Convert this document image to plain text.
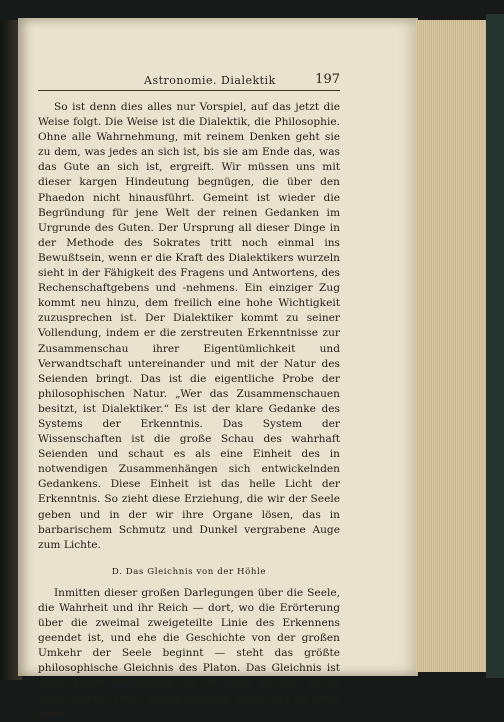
Astronomie. Dialektik	197

So ist denn dies alles nur Vorspiel, auf das jetzt die Weise folgt. Die Weise ist die Dialektik, die Philosophie. Ohne alle Wahrnehmung, mit reinem Denken geht sie zu dem, was jedes an sich ist, bis sie am Ende das, was das Gute an sich ist, ergreift. Wir müssen uns mit dieser kargen Hindeutung begnügen, die über den Phaedon nicht hinausführt. Gemeint ist wieder die Begründung für jene Welt der reinen Gedanken im Urgrunde des Guten. Der Ursprung all dieser Dinge in der Methode des Sokrates tritt noch einmal ins Bewußtsein, wenn er die Kraft des Dialektikers wurzeln sieht in der Fähigkeit des Fragens und Antwortens, des Rechenschaftgebens und -nehmens. Ein einziger Zug kommt neu hinzu, dem freilich eine hohe Wichtigkeit zuzusprechen ist. Der Dialektiker kommt zu seiner Vollendung, indem er die zerstreuten Erkenntnisse zur Zusammenschau ihrer Eigentümlichkeit und Verwandtschaft untereinander und mit der Natur des Seienden bringt. Das ist die eigentliche Probe der philosophischen Natur. „Wer das Zusammenschauen besitzt, ist Dialektiker.“ Es ist der klare Gedanke des Systems der Erkenntnis. Das System der Wissenschaften ist die große Schau des wahrhaft Seienden und schaut es als eine Einheit des in notwendigen Zusammenhängen sich entwickelnden Gedankens. Diese Einheit ist das helle Licht der Erkenntnis. So zieht diese Erziehung, die wir der Seele geben und in der wir ihre Organe lösen, das in barbarischem Schmutz und Dunkel vergrabene Auge zum Lichte.

D. Das Gleichnis von der Höhle

Inmitten dieser großen Darlegungen über die Seele, die Wahrheit und ihr Reich — dort, wo die Erörterung über die zweimal zweigeteilte Linie des Erkennens geendet ist, und ehe die Geschichte von der großen Umkehr der Seele beginnt — steht das größte philosophische Gleichnis des Platon. Das Gleichnis ist seine ganze Philosophie. Es ist mehr als das, es ist seine eigene, tiefe, unergründliche Seele und ist diese Seele
